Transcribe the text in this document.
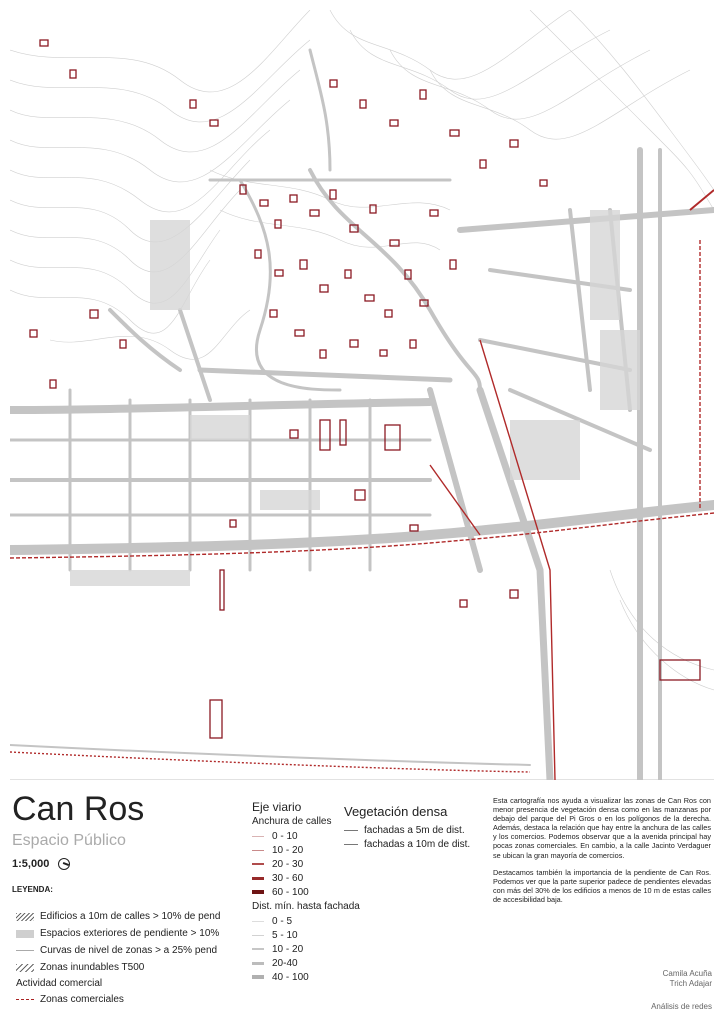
Can Ros
Espacio Público
1:5,000
LEYENDA:
Edificios a 10m de calles > 10% de pend
Espacios exteriores de pendiente > 10%
Curvas de nivel de zonas > a 25% pend
Zonas inundables T500
Actividad comercial
Zonas comerciales
Eje viario
Anchura de calles
0 - 10
10 - 20
20 - 30
30 - 60
60 - 100
Dist. mín. hasta fachada
0 - 5
5 - 10
10 - 20
20-40
40 - 100
Vegetación densa
fachadas a 5m de dist.
fachadas a 10m de dist.

Esta cartografía nos ayuda a visualizar las zonas de Can Ros con menor presencia de vegetación densa como en las manzanas por debajo del parque del Pi Gros o en los polígonos de la derecha. Además, destaca la relación que hay entre la anchura de las calles y los comercios. Podemos observar que a la avenida principal hay pocas zonas comerciales. En cambio, a la calle Jacinto Verdaguer se ubican la gran mayoría de comercios.

Destacamos también la importancia de la pendiente de Can Ros. Podemos ver que la parte superior padece de pendientes elevadas con más del 30% de los edificios a menos de 10 m de estas calles de accesibilidad baja.

Camila Acuña
Trich Adajar
Análisis de redes
